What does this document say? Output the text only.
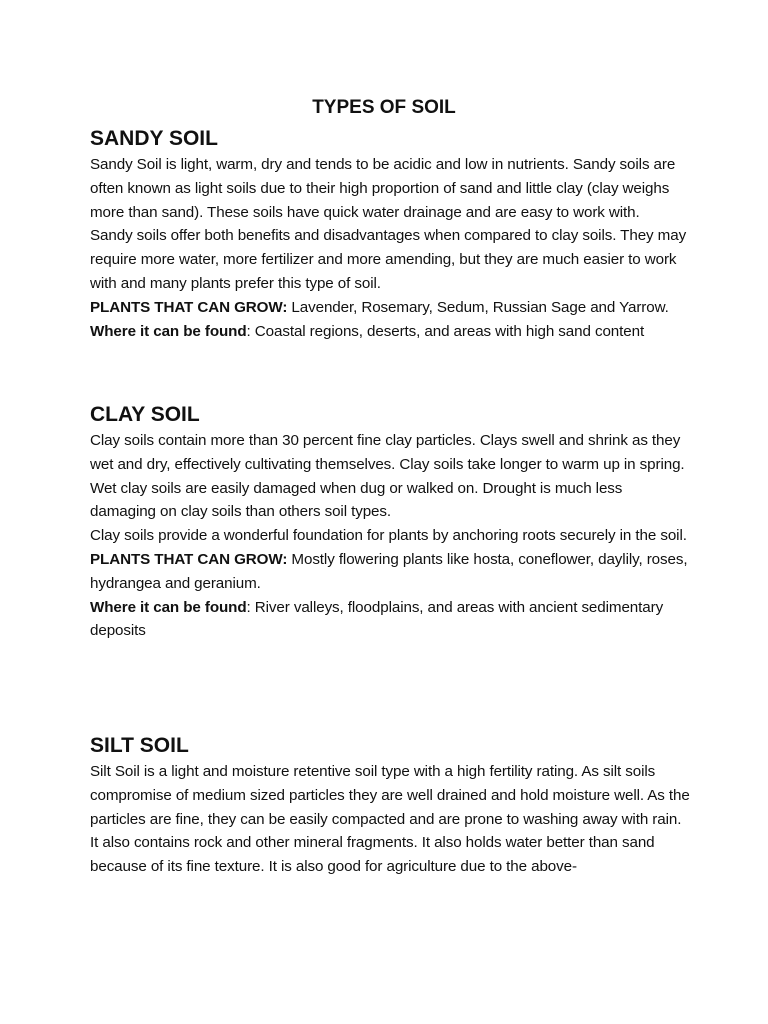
TYPES OF SOIL
SANDY SOIL

Sandy Soil is light, warm, dry and tends to be acidic and low in nutrients. Sandy soils are often known as light soils due to their high proportion of sand and little clay (clay weighs more than sand). These soils have quick water drainage and are easy to work with.

Sandy soils offer both benefits and disadvantages when compared to clay soils. They may require more water, more fertilizer and more amending, but they are much easier to work with and many plants prefer this type of soil.

PLANTS THAT CAN GROW: Lavender, Rosemary, Sedum, Russian Sage and Yarrow.

Where it can be found: Coastal regions, deserts, and areas with high sand content

CLAY SOIL

Clay soils contain more than 30 percent fine clay particles. Clays swell and shrink as they wet and dry, effectively cultivating themselves. Clay soils take longer to warm up in spring. Wet clay soils are easily damaged when dug or walked on. Drought is much less damaging on clay soils than others soil types.

Clay soils provide a wonderful foundation for plants by anchoring roots securely in the soil.

PLANTS THAT CAN GROW: Mostly flowering plants like hosta, coneflower, daylily, roses, hydrangea and geranium.

Where it can be found: River valleys, floodplains, and areas with ancient sedimentary deposits

SILT SOIL

Silt Soil is a light and moisture retentive soil type with a high fertility rating. As silt soils compromise of medium sized particles they are well drained and hold moisture well. As the particles are fine, they can be easily compacted and are prone to washing away with rain.

It also contains rock and other mineral fragments. It also holds water better than sand because of its fine texture. It is also good for agriculture due to the above-
